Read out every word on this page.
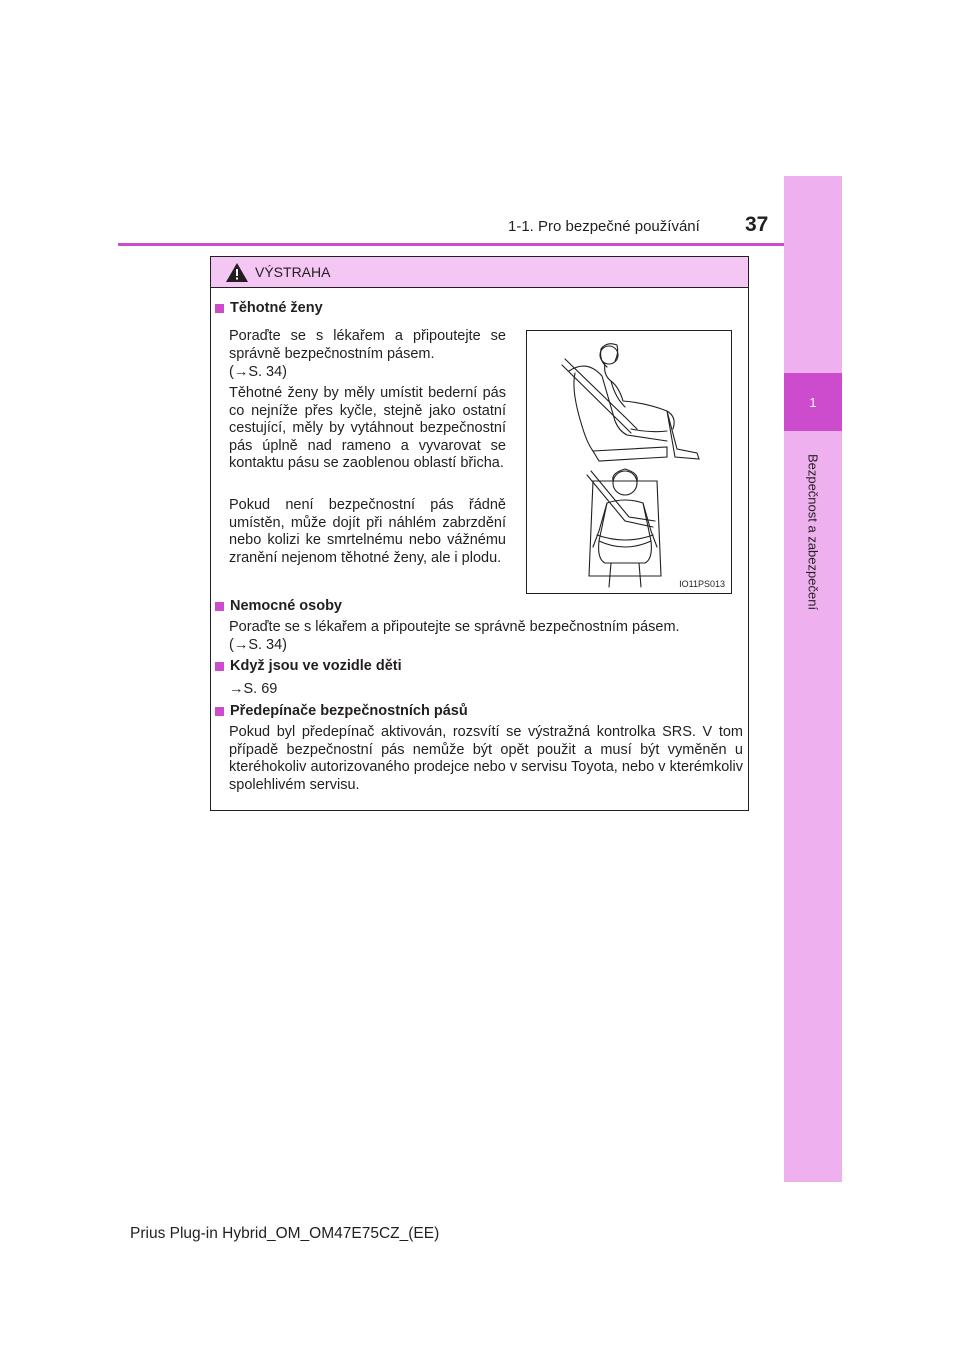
1
Bezpečnost a zabezpečení
1-1. Pro bezpečné používání 37
VÝSTRAHA
Těhotné ženy
Poraďte se s lékařem a připoutejte se správně bezpečnostním pásem.
(→S. 34)
Těhotné ženy by měly umístit bederní pás co nejníže přes kyčle, stejně jako ostatní cestující, měly by vytáhnout bezpečnostní pás úplně nad rameno a vyvarovat se kontaktu pásu se zaoblenou oblastí břicha.
Pokud není bezpečnostní pás řádně umístěn, může dojít při náhlém zabrzdění nebo kolizi ke smrtelnému nebo vážnému zranění nejenom těhotné ženy, ale i plodu.
IO11PS013
Nemocné osoby
Poraďte se s lékařem a připoutejte se správně bezpečnostním pásem.
(→S. 34)
Když jsou ve vozidle děti
→S. 69
Předepínače bezpečnostních pásů
Pokud byl předepínač aktivován, rozsvítí se výstražná kontrolka SRS. V tom případě bezpečnostní pás nemůže být opět použit a musí být vyměněn u kteréhokoliv autorizovaného prodejce nebo v servisu Toyota, nebo v kterémkoliv spolehlivém servisu.
Prius Plug-in Hybrid_OM_OM47E75CZ_(EE)
